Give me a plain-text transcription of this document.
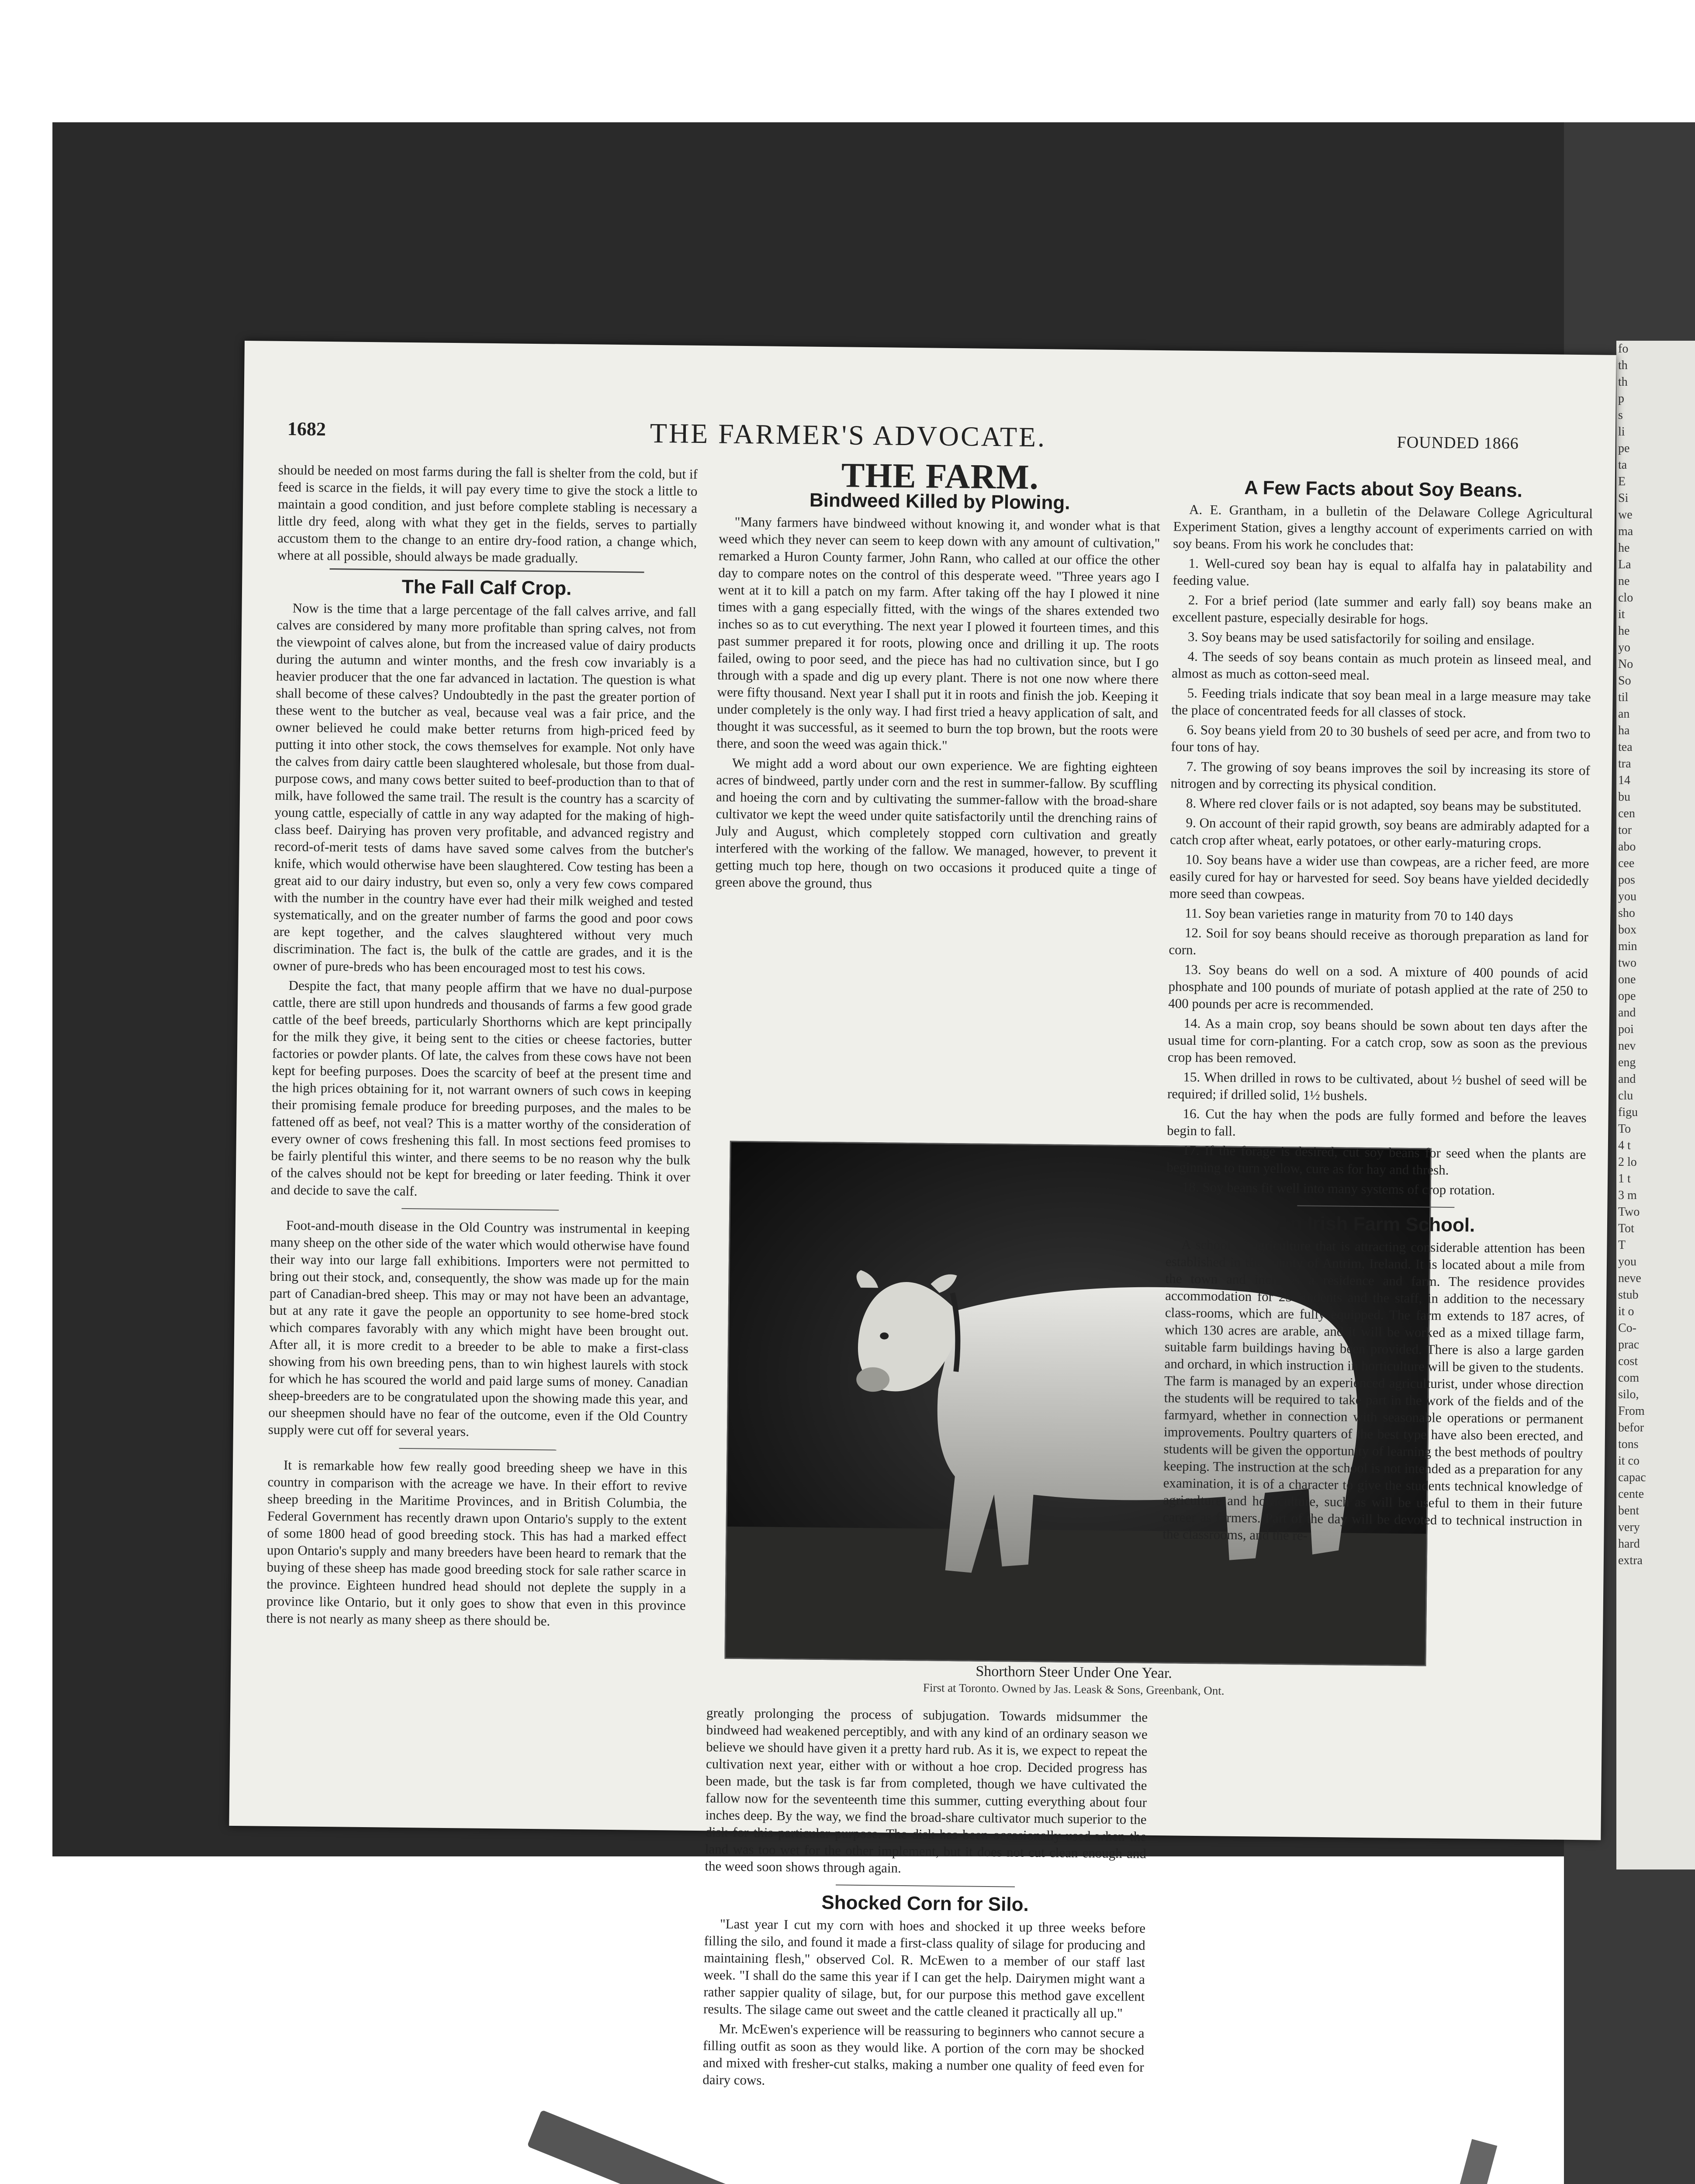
fo

th

th

p

s

li

pe

ta

E

Si

we

ma

he

La

ne

clo

it

he

yo

No

So

til

an

ha

tea

tra

14

bu

cen

tor

abo

cee

pos

you

sho

box

min

two

one

ope

and

poi

nev

eng

and

clu

figu

To

4 t

2 lo

1 t

3 m

Two

Tot

T

you

neve

stub

it o

Co-

prac

cost

com

silo,

From

befor

tons

it co

capac

cente

bent

very

hard

extra

1682	THE FARMER'S ADVOCATE.	FOUNDED 1866

should be needed on most farms during the fall is shelter from the cold, but if feed is scarce in the fields, it will pay every time to give the stock a little to maintain a good condition, and just before complete stabling is necessary a little dry feed, along with what they get in the fields, serves to partially accustom them to the change to an entire dry-food ration, a change which, where at all possible, should always be made gradually.

The Fall Calf Crop.

Now is the time that a large percentage of the fall calves arrive, and fall calves are considered by many more profitable than spring calves, not from the viewpoint of calves alone, but from the increased value of dairy products during the autumn and winter months, and the fresh cow invariably is a heavier producer that the one far advanced in lactation. The question is what shall become of these calves? Undoubtedly in the past the greater portion of these went to the butcher as veal, because veal was a fair price, and the owner believed he could make better returns from high-priced feed by putting it into other stock, the cows themselves for example. Not only have the calves from dairy cattle been slaughtered wholesale, but those from dual-purpose cows, and many cows better suited to beef-production than to that of milk, have followed the same trail. The result is the country has a scarcity of young cattle, especially of cattle in any way adapted for the making of high-class beef. Dairying has proven very profitable, and advanced registry and record-of-merit tests of dams have saved some calves from the butcher's knife, which would otherwise have been slaughtered. Cow testing has been a great aid to our dairy industry, but even so, only a very few cows compared with the number in the country have ever had their milk weighed and tested systematically, and on the greater number of farms the good and poor cows are kept together, and the calves slaughtered without very much discrimination. The fact is, the bulk of the cattle are grades, and it is the owner of pure-breds who has been encouraged most to test his cows.

Despite the fact, that many people affirm that we have no dual-purpose cattle, there are still upon hundreds and thousands of farms a few good grade cattle of the beef breeds, particularly Shorthorns which are kept principally for the milk they give, it being sent to the cities or cheese factories, butter factories or powder plants. Of late, the calves from these cows have not been kept for beefing purposes. Does the scarcity of beef at the present time and the high prices obtaining for it, not warrant owners of such cows in keeping their promising female produce for breeding purposes, and the males to be fattened off as beef, not veal? This is a matter worthy of the consideration of every owner of cows freshening this fall. In most sections feed promises to be fairly plentiful this winter, and there seems to be no reason why the bulk of the calves should not be kept for breeding or later feeding. Think it over and decide to save the calf.

Foot-and-mouth disease in the Old Country was instrumental in keeping many sheep on the other side of the water which would otherwise have found their way into our large fall exhibitions. Importers were not permitted to bring out their stock, and, consequently, the show was made up for the main part of Canadian-bred sheep. This may or may not have been an advantage, but at any rate it gave the people an opportunity to see home-bred stock which compares favorably with any which might have been brought out. After all, it is more credit to a breeder to be able to make a first-class showing from his own breeding pens, than to win highest laurels with stock for which he has scoured the world and paid large sums of money. Canadian sheep-breeders are to be congratulated upon the showing made this year, and our sheepmen should have no fear of the outcome, even if the Old Country supply were cut off for several years.

It is remarkable how few really good breeding sheep we have in this country in comparison with the acreage we have. In their effort to revive sheep breeding in the Maritime Provinces, and in British Columbia, the Federal Government has recently drawn upon Ontario's supply to the extent of some 1800 head of good breeding stock. This has had a marked effect upon Ontario's supply and many breeders have been heard to remark that the buying of these sheep has made good breeding stock for sale rather scarce in the province. Eighteen hundred head should not deplete the supply in a province like Ontario, but it only goes to show that even in this province there is not nearly as many sheep as there should be.

THE FARM.
Bindweed Killed by Plowing.

"Many farmers have bindweed without knowing it, and wonder what is that weed which they never can seem to keep down with any amount of cultivation," remarked a Huron County farmer, John Rann, who called at our office the other day to compare notes on the control of this desperate weed. "Three years ago I went at it to kill a patch on my farm. After taking off the hay I plowed it nine times with a gang especially fitted, with the wings of the shares extended two inches so as to cut everything. The next year I plowed it fourteen times, and this past summer prepared it for roots, plowing once and drilling it up. The roots failed, owing to poor seed, and the piece has had no cultivation since, but I go through with a spade and dig up every plant. There is not one now where there were fifty thousand. Next year I shall put it in roots and finish the job. Keeping it under completely is the only way. I had first tried a heavy application of salt, and thought it was successful, as it seemed to burn the top brown, but the roots were there, and soon the weed was again thick."

We might add a word about our own experience. We are fighting eighteen acres of bindweed, partly under corn and the rest in summer-fallow. By scuffling and hoeing the corn and by cultivating the summer-fallow with the broad-share cultivator we kept the weed under quite satisfactorily until the drenching rains of July and August, which completely stopped corn cultivation and greatly interfered with the working of the fallow. We managed, however, to prevent it getting much top here, though on two occasions it produced quite a tinge of green above the ground, thus

Shorthorn Steer Under One Year.
First at Toronto. Owned by Jas. Leask & Sons, Greenbank, Ont.

greatly prolonging the process of subjugation. Towards midsummer the bindweed had weakened perceptibly, and with any kind of an ordinary season we believe we should have given it a pretty hard rub. As it is, we expect to repeat the cultivation next year, either with or without a hoe crop. Decided progress has been made, but the task is far from completed, though we have cultivated the fallow now for the seventeenth time this summer, cutting everything about four inches deep. By the way, we find the broad-share cultivator much superior to the disk for this particular purpose. The disk has been occasionally used when the land was too wet for the other implement, but it does not cut clean enough and the weed soon shows through again.

Shocked Corn for Silo.

"Last year I cut my corn with hoes and shocked it up three weeks before filling the silo, and found it made a first-class quality of silage for producing and maintaining flesh," observed Col. R. McEwen to a member of our staff last week. "I shall do the same this year if I can get the help. Dairymen might want a rather sappier quality of silage, but, for our purpose this method gave excellent results. The silage came out sweet and the cattle cleaned it practically all up."

Mr. McEwen's experience will be reassuring to beginners who cannot secure a filling outfit as soon as they would like. A portion of the corn may be shocked and mixed with fresher-cut stalks, making a number one quality of feed even for dairy cows.

A Few Facts about Soy Beans.

A. E. Grantham, in a bulletin of the Delaware College Agricultural Experiment Station, gives a lengthy account of experiments carried on with soy beans. From his work he concludes that:

1. Well-cured soy bean hay is equal to alfalfa hay in palatability and feeding value.

2. For a brief period (late summer and early fall) soy beans make an excellent pasture, especially desirable for hogs.

3. Soy beans may be used satisfactorily for soiling and ensilage.

4. The seeds of soy beans contain as much protein as linseed meal, and almost as much as cotton-seed meal.

5. Feeding trials indicate that soy bean meal in a large measure may take the place of concentrated feeds for all classes of stock.

6. Soy beans yield from 20 to 30 bushels of seed per acre, and from two to four tons of hay.

7. The growing of soy beans improves the soil by increasing its store of nitrogen and by correcting its physical condition.

8. Where red clover fails or is not adapted, soy beans may be substituted.

9. On account of their rapid growth, soy beans are admirably adapted for a catch crop after wheat, early potatoes, or other early-maturing crops.

10. Soy beans have a wider use than cowpeas, are a richer feed, are more easily cured for hay or harvested for seed. Soy beans have yielded decidedly more seed than cowpeas.

11. Soy bean varieties range in maturity from 70 to 140 days

12. Soil for soy beans should receive as thorough preparation as land for corn.

13. Soy beans do well on a sod. A mixture of 400 pounds of acid phosphate and 100 pounds of muriate of potash applied at the rate of 250 to 400 pounds per acre is recommended.

14. As a main crop, soy beans should be sown about ten days after the usual time for corn-planting. For a catch crop, sow as soon as the previous crop has been removed.

15. When drilled in rows to be cultivated, about ½ bushel of seed will be required; if drilled solid, 1½ bushels.

16. Cut the hay when the pods are fully formed and before the leaves begin to fall.

17. If the forage is desired, cut soy beans for seed when the plants are beginning to turn yellow, cure as for hay and thresh.

18. Soy beans fit well into many systems of crop rotation.

An Irish Farm School.

A school of agriculture that is attracting considerable attention has been established in the county of Antrim, Ireland. It is located about a mile from the town and includes a residence and farm. The residence provides accommodation for 25 students and the staff, in addition to the necessary class-rooms, which are fully equipped. The farm extends to 187 acres, of which 130 acres are arable, and it will be worked as a mixed tillage farm, suitable farm buildings having been provided. There is also a large garden and orchard, in which instruction in horticulture will be given to the students. The farm is managed by an experienced agriculturist, under whose direction the students will be required to take part in the work of the fields and of the farmyard, whether in connection with seasonable operations or permanent improvements. Poultry quarters of the best type have also been erected, and students will be given the opportunity of learning the best methods of poultry keeping. The instruction at the school is not intended as a preparation for any examination, it is of a character to give the students technical knowledge of agriculture and horticulture, such as will be useful to them in their future career as farmers. Part of the day will be devoted to technical instruction in the classrooms, and the re-
